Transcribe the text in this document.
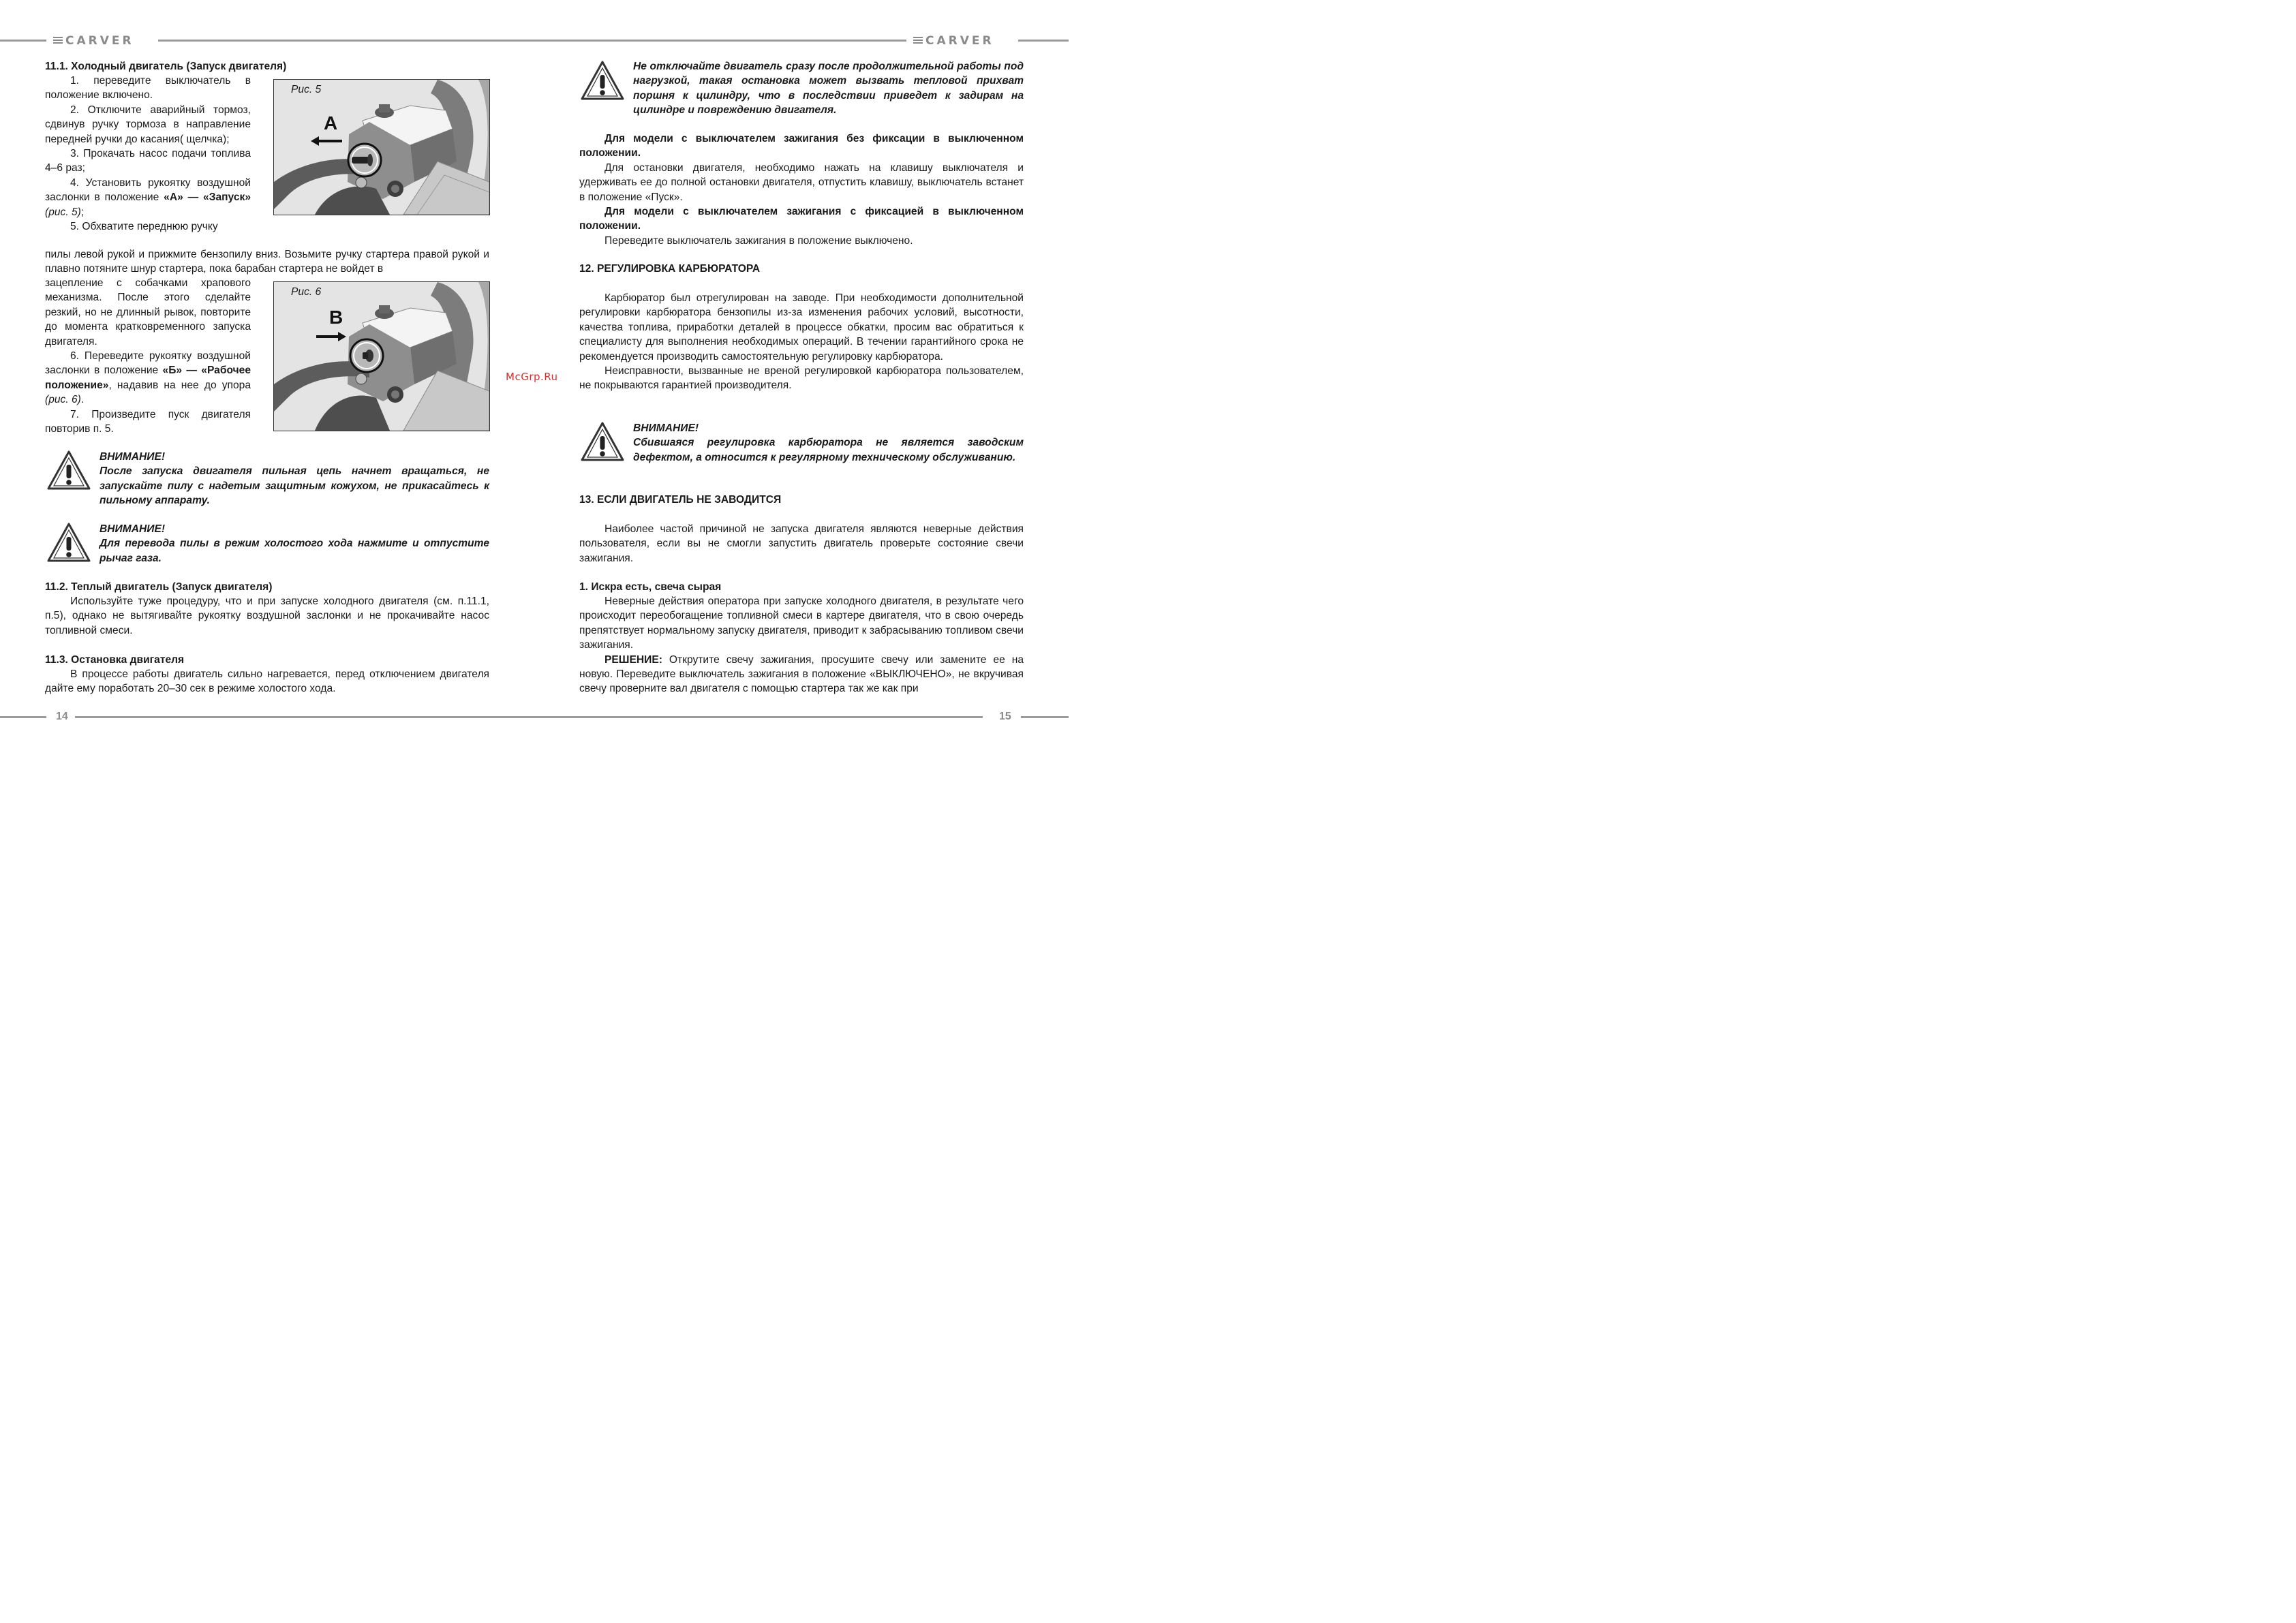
CARVER	CARVER
14	15
11.1. Холодный двигатель (Запуск двигателя)

1. переведите выключатель в положение включено.

2. Отключите аварийный тормоз, сдвинув ручку тормоза в направление передней ручки до касания( щелчка);

3. Прокачать насос подачи топлива 4–6 раз;

4. Установить рукоятку воздушной заслонки в положение «А» — «Запуск» (рис. 5);

5. Обхватите переднюю ручку

пилы левой рукой и прижмите бензопилу вниз. Возьмите ручку стартера правой рукой и плавно потяните шнур стартера, пока барабан стартера не войдет в

зацепление с собачками храпового механизма. После этого сделайте резкий, но не длинный рывок, повторите до момента кратковременного запуска двигателя.

6. Переведите рукоятку воздушной заслонки в положение «Б» — «Рабочее положение», надавив на нее до упора (рис. 6).

7. Произведите пуск двигателя повторив п. 5.

Рис. 5
A
Рис. 6
B

ВНИМАНИЕ!

После запуска двигателя пильная цепь начнет вращаться, не запускайте пилу с надетым защитным кожухом, не прикасайтесь к пильному аппарату.

ВНИМАНИЕ!

Для перевода пилы в режим холостого хода нажмите и отпустите рычаг газа.

11.2. Теплый двигатель (Запуск двигателя)
Используйте туже процедуру, что и при запуске холодного двигателя (см. п.11.1, п.5), однако не вытягивайте рукоятку воздушной заслонки и не прокачивайте насос топливной смеси.
11.3. Остановка двигателя
В процессе работы двигатель сильно нагревается, перед отключением двигателя дайте ему поработать 20–30 сек в режиме холостого хода.
McGrp.Ru
Не отключайте двигатель сразу после продолжительной работы под нагрузкой, такая остановка может вызвать тепловой прихват поршня к цилиндру, что в последствии приведет к задирам на цилиндре и повреждению двигателя.

Для модели с выключателем зажигания без фиксации в выключенном положении.

Для остановки двигателя, необходимо нажать на клавишу выключателя и удерживать ее до полной остановки двигателя, отпустить клавишу, выключатель встанет в положение «Пуск».

Для модели с выключателем зажигания с фиксацией в выключенном положении.

Переведите выключатель зажигания в положение выключено.

12. РЕГУЛИРОВКА КАРБЮРАТОРА

Карбюратор был отрегулирован на заводе. При необходимости дополнительной регулировки карбюратора бензопилы из-за изменения рабочих условий, высотности, качества топлива, приработки деталей в процессе обкатки, просим вас обратиться к специалисту для выполнения необходимых операций. В течении гарантийного срока не рекомендуется производить самостоятельную регулировку карбюратора.

Неисправности, вызванные не вреной регулировкой карбюратора пользователем, не покрываются гарантией производителя.

ВНИМАНИЕ!

Сбившаяся регулировка карбюратора не является заводским дефектом, а относится к регулярному техническому обслуживанию.

13. ЕСЛИ ДВИГАТЕЛЬ НЕ ЗАВОДИТСЯ
Наиболее частой причиной не запуска двигателя являются неверные действия пользователя, если вы не смогли запустить двигатель проверьте состояние свечи зажигания.
1. Искра есть, свеча сырая

Неверные действия оператора при запуске холодного двигателя, в результате чего происходит переобогащение топливной смеси в картере двигателя, что в свою очередь препятствует нормальному запуску двигателя, приводит к забрасыванию топливом свечи зажигания.

РЕШЕНИЕ: Открутите свечу зажигания, просушите свечу или замените ее на новую. Переведите выключатель зажигания в положение «ВЫКЛЮЧЕНО», не вкручивая свечу проверните вал двигателя с помощью стартера так же как при
